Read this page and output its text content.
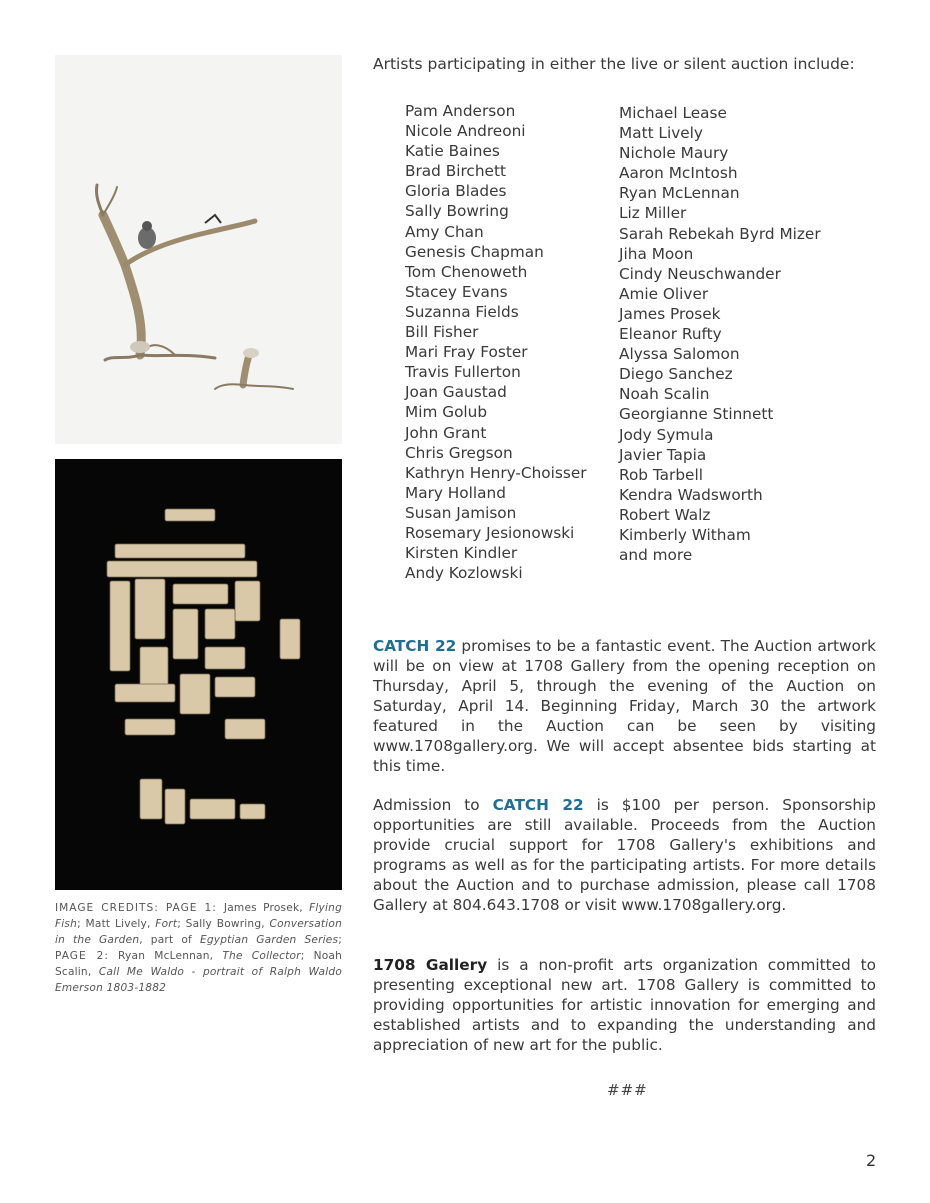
IMAGE CREDITS: PAGE 1: James Prosek, Flying Fish; Matt Lively, Fort; Sally Bowring, Conversation in the Garden, part of Egyptian Garden Series; PAGE 2: Ryan McLennan, The Collector; Noah Scalin, Call Me Waldo - portrait of Ralph Waldo Emerson 1803-1882
Artists participating in either the live or silent auction include:
Pam Anderson
Nicole Andreoni
Katie Baines
Brad Birchett
Gloria Blades
Sally Bowring
Amy Chan
Genesis Chapman
Tom Chenoweth
Stacey Evans
Suzanna Fields
Bill Fisher
Mari Fray Foster
Travis Fullerton
Joan Gaustad
Mim Golub
John Grant
Chris Gregson
Kathryn Henry-Choisser
Mary Holland
Susan Jamison
Rosemary Jesionowski
Kirsten Kindler
Andy Kozlowski
Michael Lease
Matt Lively
Nichole Maury
Aaron McIntosh
Ryan McLennan
Liz Miller
Sarah Rebekah Byrd Mizer
Jiha Moon
Cindy Neuschwander
Amie Oliver
James Prosek
Eleanor Rufty
Alyssa Salomon
Diego Sanchez
Noah Scalin
Georgianne Stinnett
Jody Symula
Javier Tapia
Rob Tarbell
Kendra Wadsworth
Robert Walz
Kimberly Witham
and more

CATCH 22 promises to be a fantastic event. The Auction artwork will be on view at 1708 Gallery from the opening reception on Thursday, April 5, through the evening of the Auction on Saturday, April 14. Beginning Friday, March 30 the artwork featured in the Auction can be seen by visiting www.1708gallery.org. We will accept absentee bids starting at this time.

Admission to CATCH 22 is $100 per person. Sponsorship opportunities are still available. Proceeds from the Auction provide crucial support for 1708 Gallery's exhibitions and programs as well as for the participating artists. For more details about the Auction and to purchase admission, please call 1708 Gallery at 804.643.1708 or visit www.1708gallery.org.

1708 Gallery is a non-profit arts organization committed to presenting exceptional new art. 1708 Gallery is committed to providing opportunities for artistic innovation for emerging and established artists and to expanding the understanding and appreciation of new art for the public.

###
2
